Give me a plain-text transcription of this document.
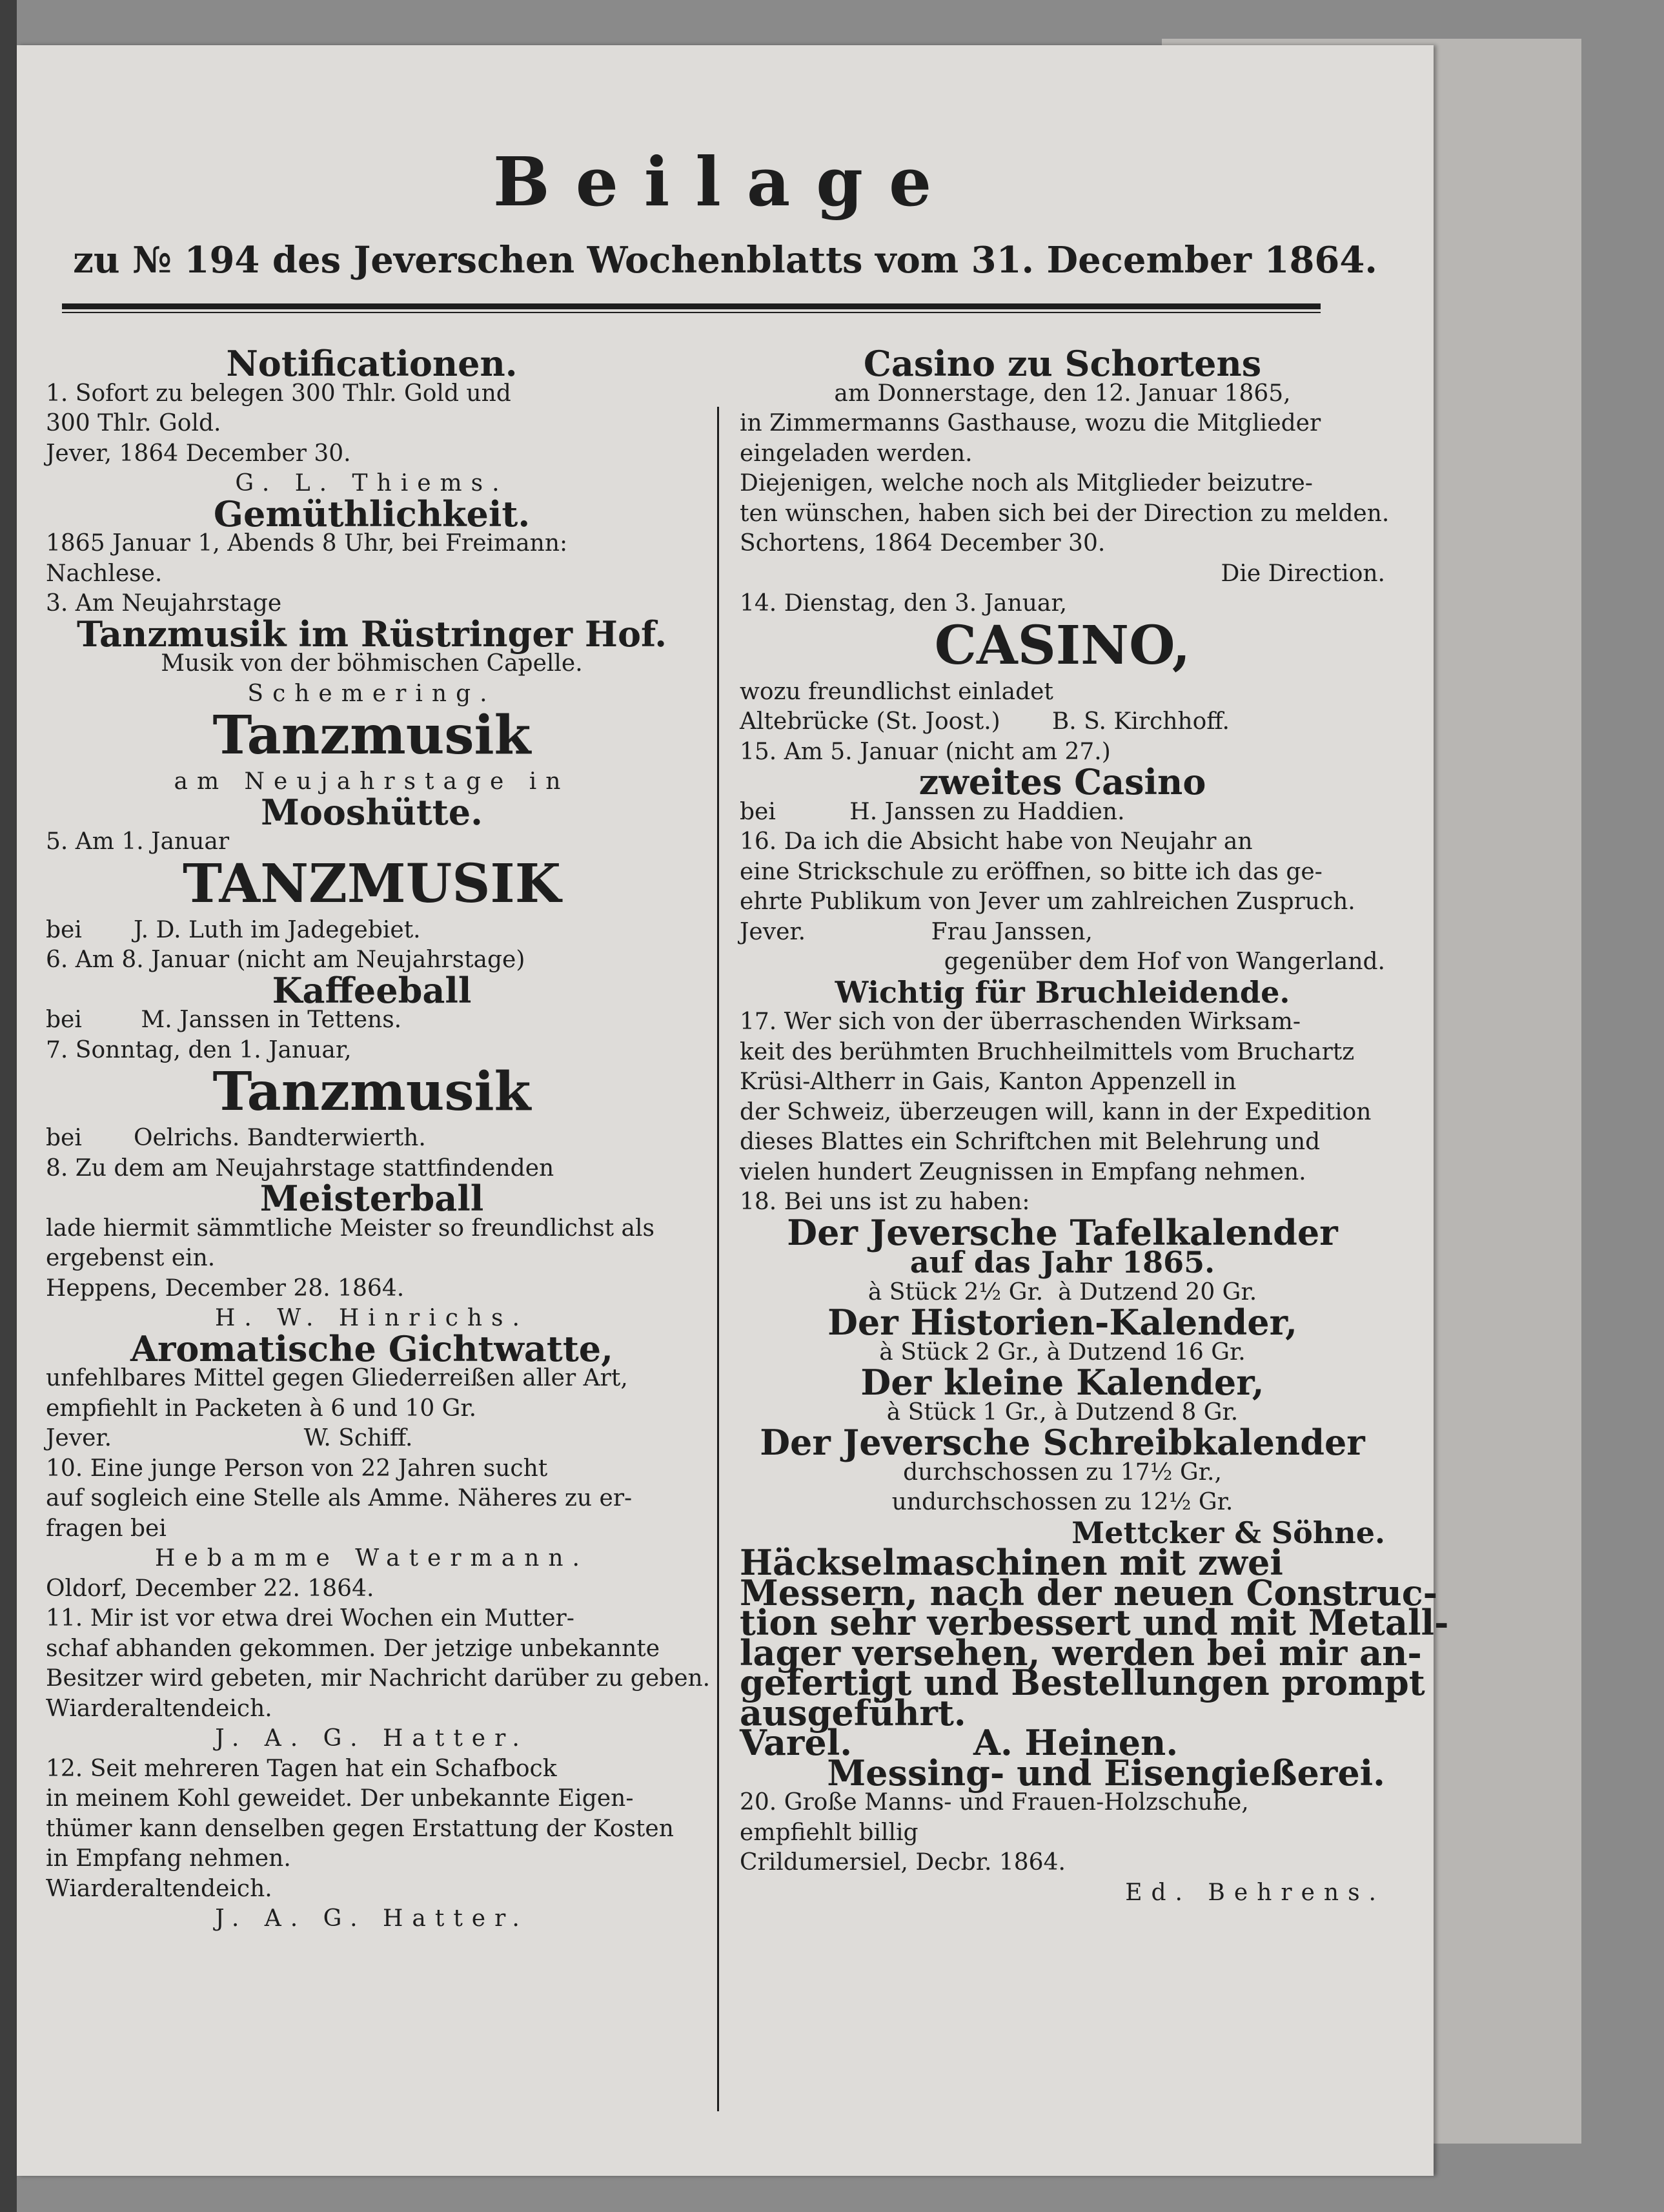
Beilage
zu № 194 des Jeverschen Wochenblatts vom 31. December 1864.
Notificationen.
1. Sofort zu belegen 300 Thlr. Gold und
300 Thlr. Gold.
Jever, 1864 December 30.
G. L. Thiems.
Gemüthlichkeit.
1865 Januar 1, Abends 8 Uhr, bei Freimann:
Nachlese.
3. Am Neujahrstage
Tanzmusik im Rüstringer Hof.
Musik von der böhmischen Capelle.
Schemering.
Tanzmusik
am Neujahrstage in
Mooshütte.
5. Am 1. Januar
TANZMUSIK
bei       J. D. Luth im Jadegebiet.
6. Am 8. Januar (nicht am Neujahrstage)
Kaffeeball
bei        M. Janssen in Tettens.
7. Sonntag, den 1. Januar,
Tanzmusik
bei       Oelrichs. Bandterwierth.
8. Zu dem am Neujahrstage stattfindenden
Meisterball
lade hiermit sämmtliche Meister so freundlichst als
ergebenst ein.
Heppens, December 28. 1864.
H. W. Hinrichs.
Aromatische Gichtwatte,
unfehlbares Mittel gegen Gliederreißen aller Art,
empfiehlt in Packeten à 6 und 10 Gr.
Jever.                          W. Schiff.
10. Eine junge Person von 22 Jahren sucht
auf sogleich eine Stelle als Amme. Näheres zu er-
fragen bei
Hebamme Watermann.
Oldorf, December 22. 1864.
11. Mir ist vor etwa drei Wochen ein Mutter-
schaf abhanden gekommen. Der jetzige unbekannte
Besitzer wird gebeten, mir Nachricht darüber zu geben.
Wiarderaltendeich.
J. A. G. Hatter.
12. Seit mehreren Tagen hat ein Schafbock
in meinem Kohl geweidet. Der unbekannte Eigen-
thümer kann denselben gegen Erstattung der Kosten
in Empfang nehmen.
Wiarderaltendeich.
J. A. G. Hatter.
Casino zu Schortens
am Donnerstage, den 12. Januar 1865,
in Zimmermanns Gasthause, wozu die Mitglieder
eingeladen werden.
Diejenigen, welche noch als Mitglieder beizutre-
ten wünschen, haben sich bei der Direction zu melden.
Schortens, 1864 December 30.
Die Direction.
14. Dienstag, den 3. Januar,
CASINO,
wozu freundlichst einladet
Altebrücke (St. Joost.)       B. S. Kirchhoff.
15. Am 5. Januar (nicht am 27.)
zweites Casino
bei          H. Janssen zu Haddien.
16. Da ich die Absicht habe von Neujahr an
eine Strickschule zu eröffnen, so bitte ich das ge-
ehrte Publikum von Jever um zahlreichen Zuspruch.
Jever.                 Frau Janssen,
gegenüber dem Hof von Wangerland.
Wichtig für Bruchleidende.
17. Wer sich von der überraschenden Wirksam-
keit des berühmten Bruchheilmittels vom Bruchartz
Krüsi-Altherr in Gais, Kanton Appenzell in
der Schweiz, überzeugen will, kann in der Expedition
dieses Blattes ein Schriftchen mit Belehrung und
vielen hundert Zeugnissen in Empfang nehmen.
18. Bei uns ist zu haben:
Der Jeversche Tafelkalender
auf das Jahr 1865.
à Stück 2½ Gr.  à Dutzend 20 Gr.
Der Historien-Kalender,
à Stück 2 Gr., à Dutzend 16 Gr.
Der kleine Kalender,
à Stück 1 Gr., à Dutzend 8 Gr.
Der Jeversche Schreibkalender
durchschossen zu 17½ Gr.,
undurchschossen zu 12½ Gr.
Mettcker & Söhne.
Häckselmaschinen mit zwei
Messern, nach der neuen Construc-
tion sehr verbessert und mit Metall-
lager versehen, werden bei mir an-
gefertigt und Bestellungen prompt
ausgeführt.
Varel.          A. Heinen.
Messing- und Eisengießerei.
20. Große Manns- und Frauen-Holzschuhe,
empfiehlt billig
Crildumersiel, Decbr. 1864.
Ed. Behrens.
